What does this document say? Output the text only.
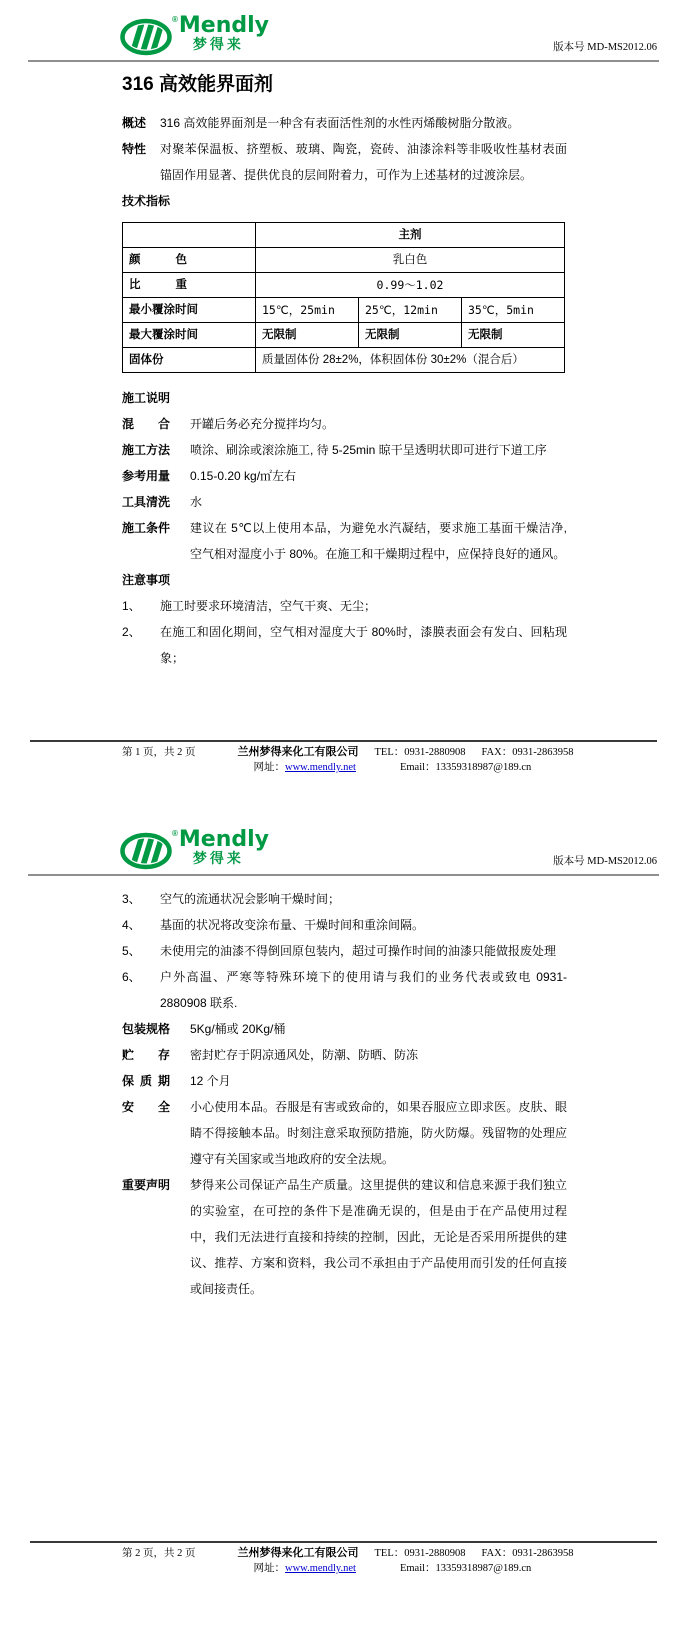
® Mendly
梦得来	版本号 MD-MS2012.06
316 高效能界面剂
概述	316 高效能界面剂是一种含有表面活性剂的水性丙烯酸树脂分散液。
特性	对聚苯保温板、挤塑板、玻璃、陶瓷，瓷砖、油漆涂料等非吸收性基材表面锚固作用显著、提供优良的层间附着力，可作为上述基材的过渡涂层。
技术指标
	主剂		
颜色	乳白色		
比重	0.99～1.02		
最小覆涂时间	15℃，25min	25℃，12min	35℃，5min
最大覆涂时间	无限制	无限制	无限制
固体份	质量固体份 28±2%，体积固体份 30±2%（混合后）		
施工说明
混合 开罐后务必充分搅拌均匀。
施工方法 喷涂、刷涂或滚涂施工, 待 5-25min 晾干呈透明状即可进行下道工序
参考用量 0.15-0.20 kg/㎡左右
工具清洗 水
施工条件 建议在 5℃以上使用本品，为避免水汽凝结，要求施工基面干燥洁净, 空气相对湿度小于 80%。在施工和干燥期过程中，应保持良好的通风。
注意事项
1、	施工时要求环境清洁，空气干爽、无尘；
2、	在施工和固化期间，空气相对湿度大于 80%时，漆膜表面会有发白、回粘现象；
第 1 页，共 2 页	兰州梦得来化工有限公司 TEL：0931-2880908 FAX：0931-2863958
网址：www.mendly.net	Email：13359318987@189.cn
® Mendly
梦得来	版本号 MD-MS2012.06
3、	空气的流通状况会影响干燥时间；
4、	基面的状况将改变涂布量、干燥时间和重涂间隔。
5、	未使用完的油漆不得倒回原包装内，超过可操作时间的油漆只能做报废处理
6、	户外高温、严寒等特殊环境下的使用请与我们的业务代表或致电 0931-2880908 联系.
包装规格 5Kg/桶或 20Kg/桶
贮存 密封贮存于阴凉通风处，防潮、防晒、防冻
保质期 12 个月
安全 小心使用本品。吞服是有害或致命的，如果吞服应立即求医。皮肤、眼睛不得接触本品。时刻注意采取预防措施，防火防爆。残留物的处理应遵守有关国家或当地政府的安全法规。
重要声明 梦得来公司保证产品生产质量。这里提供的建议和信息来源于我们独立的实验室，在可控的条件下是准确无误的，但是由于在产品使用过程中，我们无法进行直接和持续的控制，因此，无论是否采用所提供的建议、推荐、方案和资料，我公司不承担由于产品使用而引发的任何直接或间接责任。
第 2 页，共 2 页	兰州梦得来化工有限公司 TEL：0931-2880908 FAX：0931-2863958
网址：www.mendly.net	Email：13359318987@189.cn
